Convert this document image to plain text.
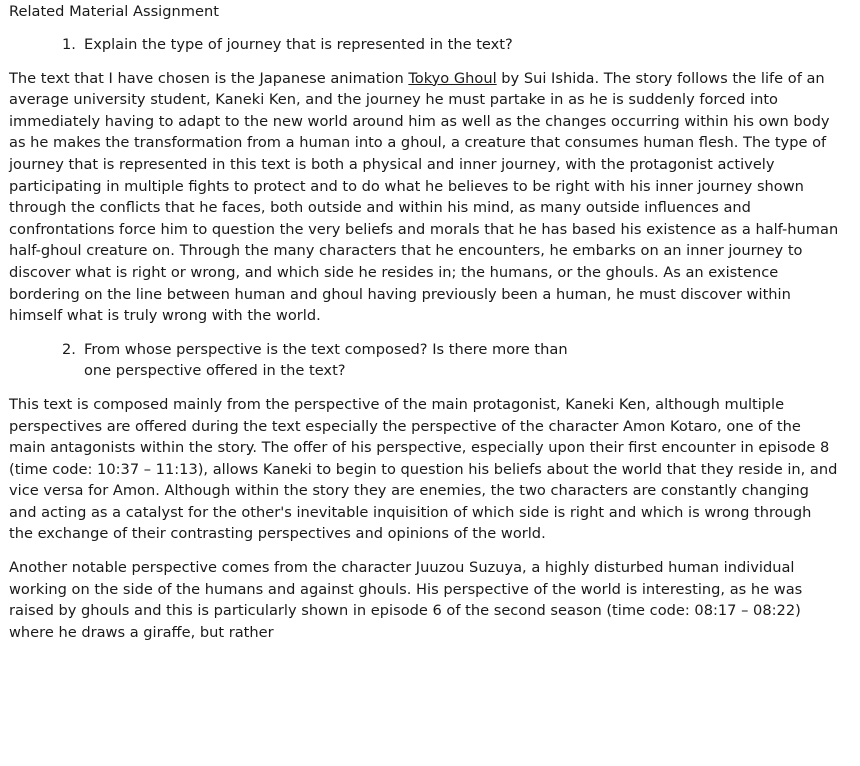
Related Material Assignment
1. Explain the type of journey that is represented in the text?

The text that I have chosen is the Japanese animation Tokyo Ghoul by Sui Ishida. The story follows the life of an average university student, Kaneki Ken, and the journey he must partake in as he is suddenly forced into immediately having to adapt to the new world around him as well as the changes occurring within his own body as he makes the transformation from a human into a ghoul, a creature that consumes human flesh. The type of journey that is represented in this text is both a physical and inner journey, with the protagonist actively participating in multiple fights to protect and to do what he believes to be right with his inner journey shown through the conflicts that he faces, both outside and within his mind, as many outside influences and confrontations force him to question the very beliefs and morals that he has based his existence as a half-human half-ghoul creature on. Through the many characters that he encounters, he embarks on an inner journey to discover what is right or wrong, and which side he resides in; the humans, or the ghouls. As an existence bordering on the line between human and ghoul having previously been a human, he must discover within himself what is truly wrong with the world.

2. From whose perspective is the text composed? Is there more than one perspective offered in the text?

This text is composed mainly from the perspective of the main protagonist, Kaneki Ken, although multiple perspectives are offered during the text especially the perspective of the character Amon Kotaro, one of the main antagonists within the story. The offer of his perspective, especially upon their first encounter in episode 8 (time code: 10:37 – 11:13), allows Kaneki to begin to question his beliefs about the world that they reside in, and vice versa for Amon. Although within the story they are enemies, the two characters are constantly changing and acting as a catalyst for the other's inevitable inquisition of which side is right and which is wrong through the exchange of their contrasting perspectives and opinions of the world.

Another notable perspective comes from the character Juuzou Suzuya, a highly disturbed human individual working on the side of the humans and against ghouls. His perspective of the world is interesting, as he was raised by ghouls and this is particularly shown in episode 6 of the second season (time code: 08:17 – 08:22) where he draws a giraffe, but rather
